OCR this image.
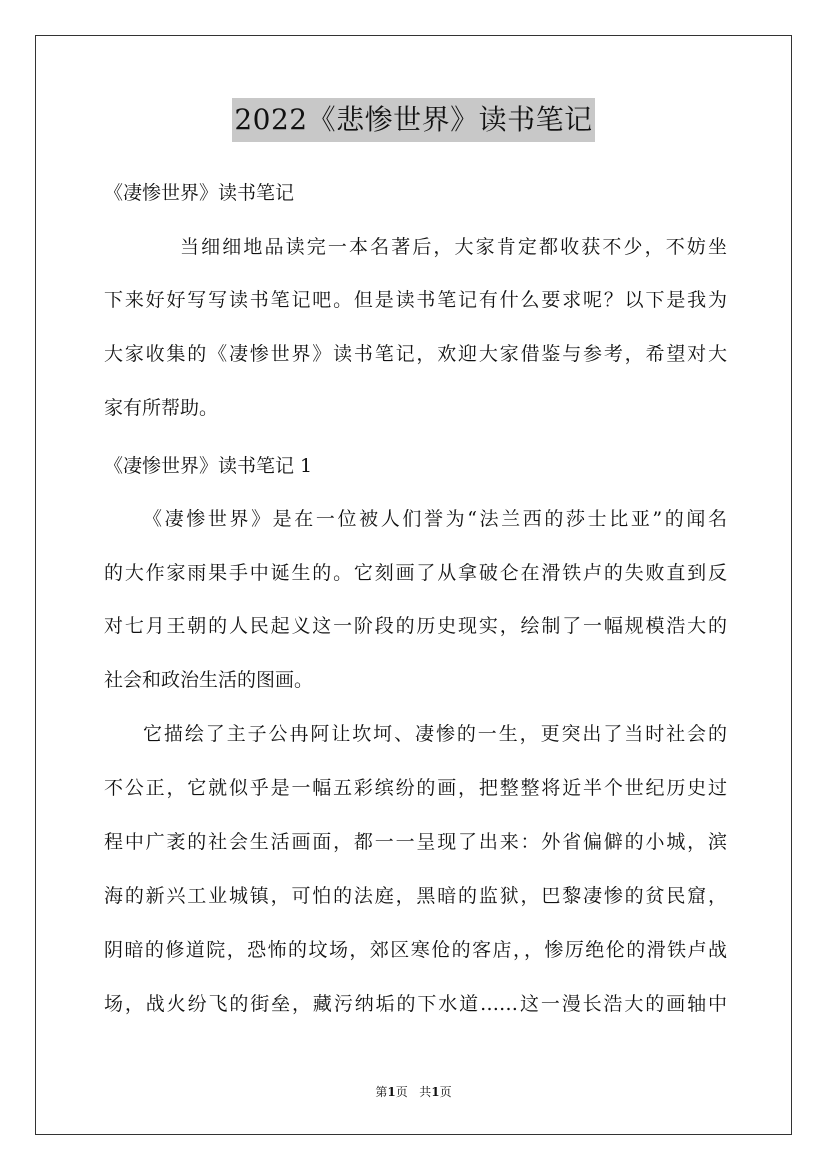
2022《悲惨世界》读书笔记
《凄惨世界》读书笔记
当细细地品读完一本名著后，大家肯定都收获不少，不妨坐
下来好好写写读书笔记吧。但是读书笔记有什么要求呢？以下是我为
大家收集的《凄惨世界》读书笔记，欢迎大家借鉴与参考，希望对大
家有所帮助。
《凄惨世界》读书笔记 1
《凄惨世界》是在一位被人们誉为“法兰西的莎士比亚”的闻名
的大作家雨果手中诞生的。它刻画了从拿破仑在滑铁卢的失败直到反
对七月王朝的人民起义这一阶段的历史现实，绘制了一幅规模浩大的
社会和政治生活的图画。
它描绘了主子公冉阿让坎坷、凄惨的一生，更突出了当时社会的
不公正，它就似乎是一幅五彩缤纷的画，把整整将近半个世纪历史过
程中广袤的社会生活画面，都一一呈现了出来：外省偏僻的小城，滨
海的新兴工业城镇，可怕的法庭，黑暗的监狱，巴黎凄惨的贫民窟，
阴暗的修道院，恐怖的坟场，郊区寒伧的客店，，惨厉绝伦的滑铁卢战
场，战火纷飞的街垒，藏污纳垢的下水道……这一漫长浩大的画轴中
第1页 共1页
